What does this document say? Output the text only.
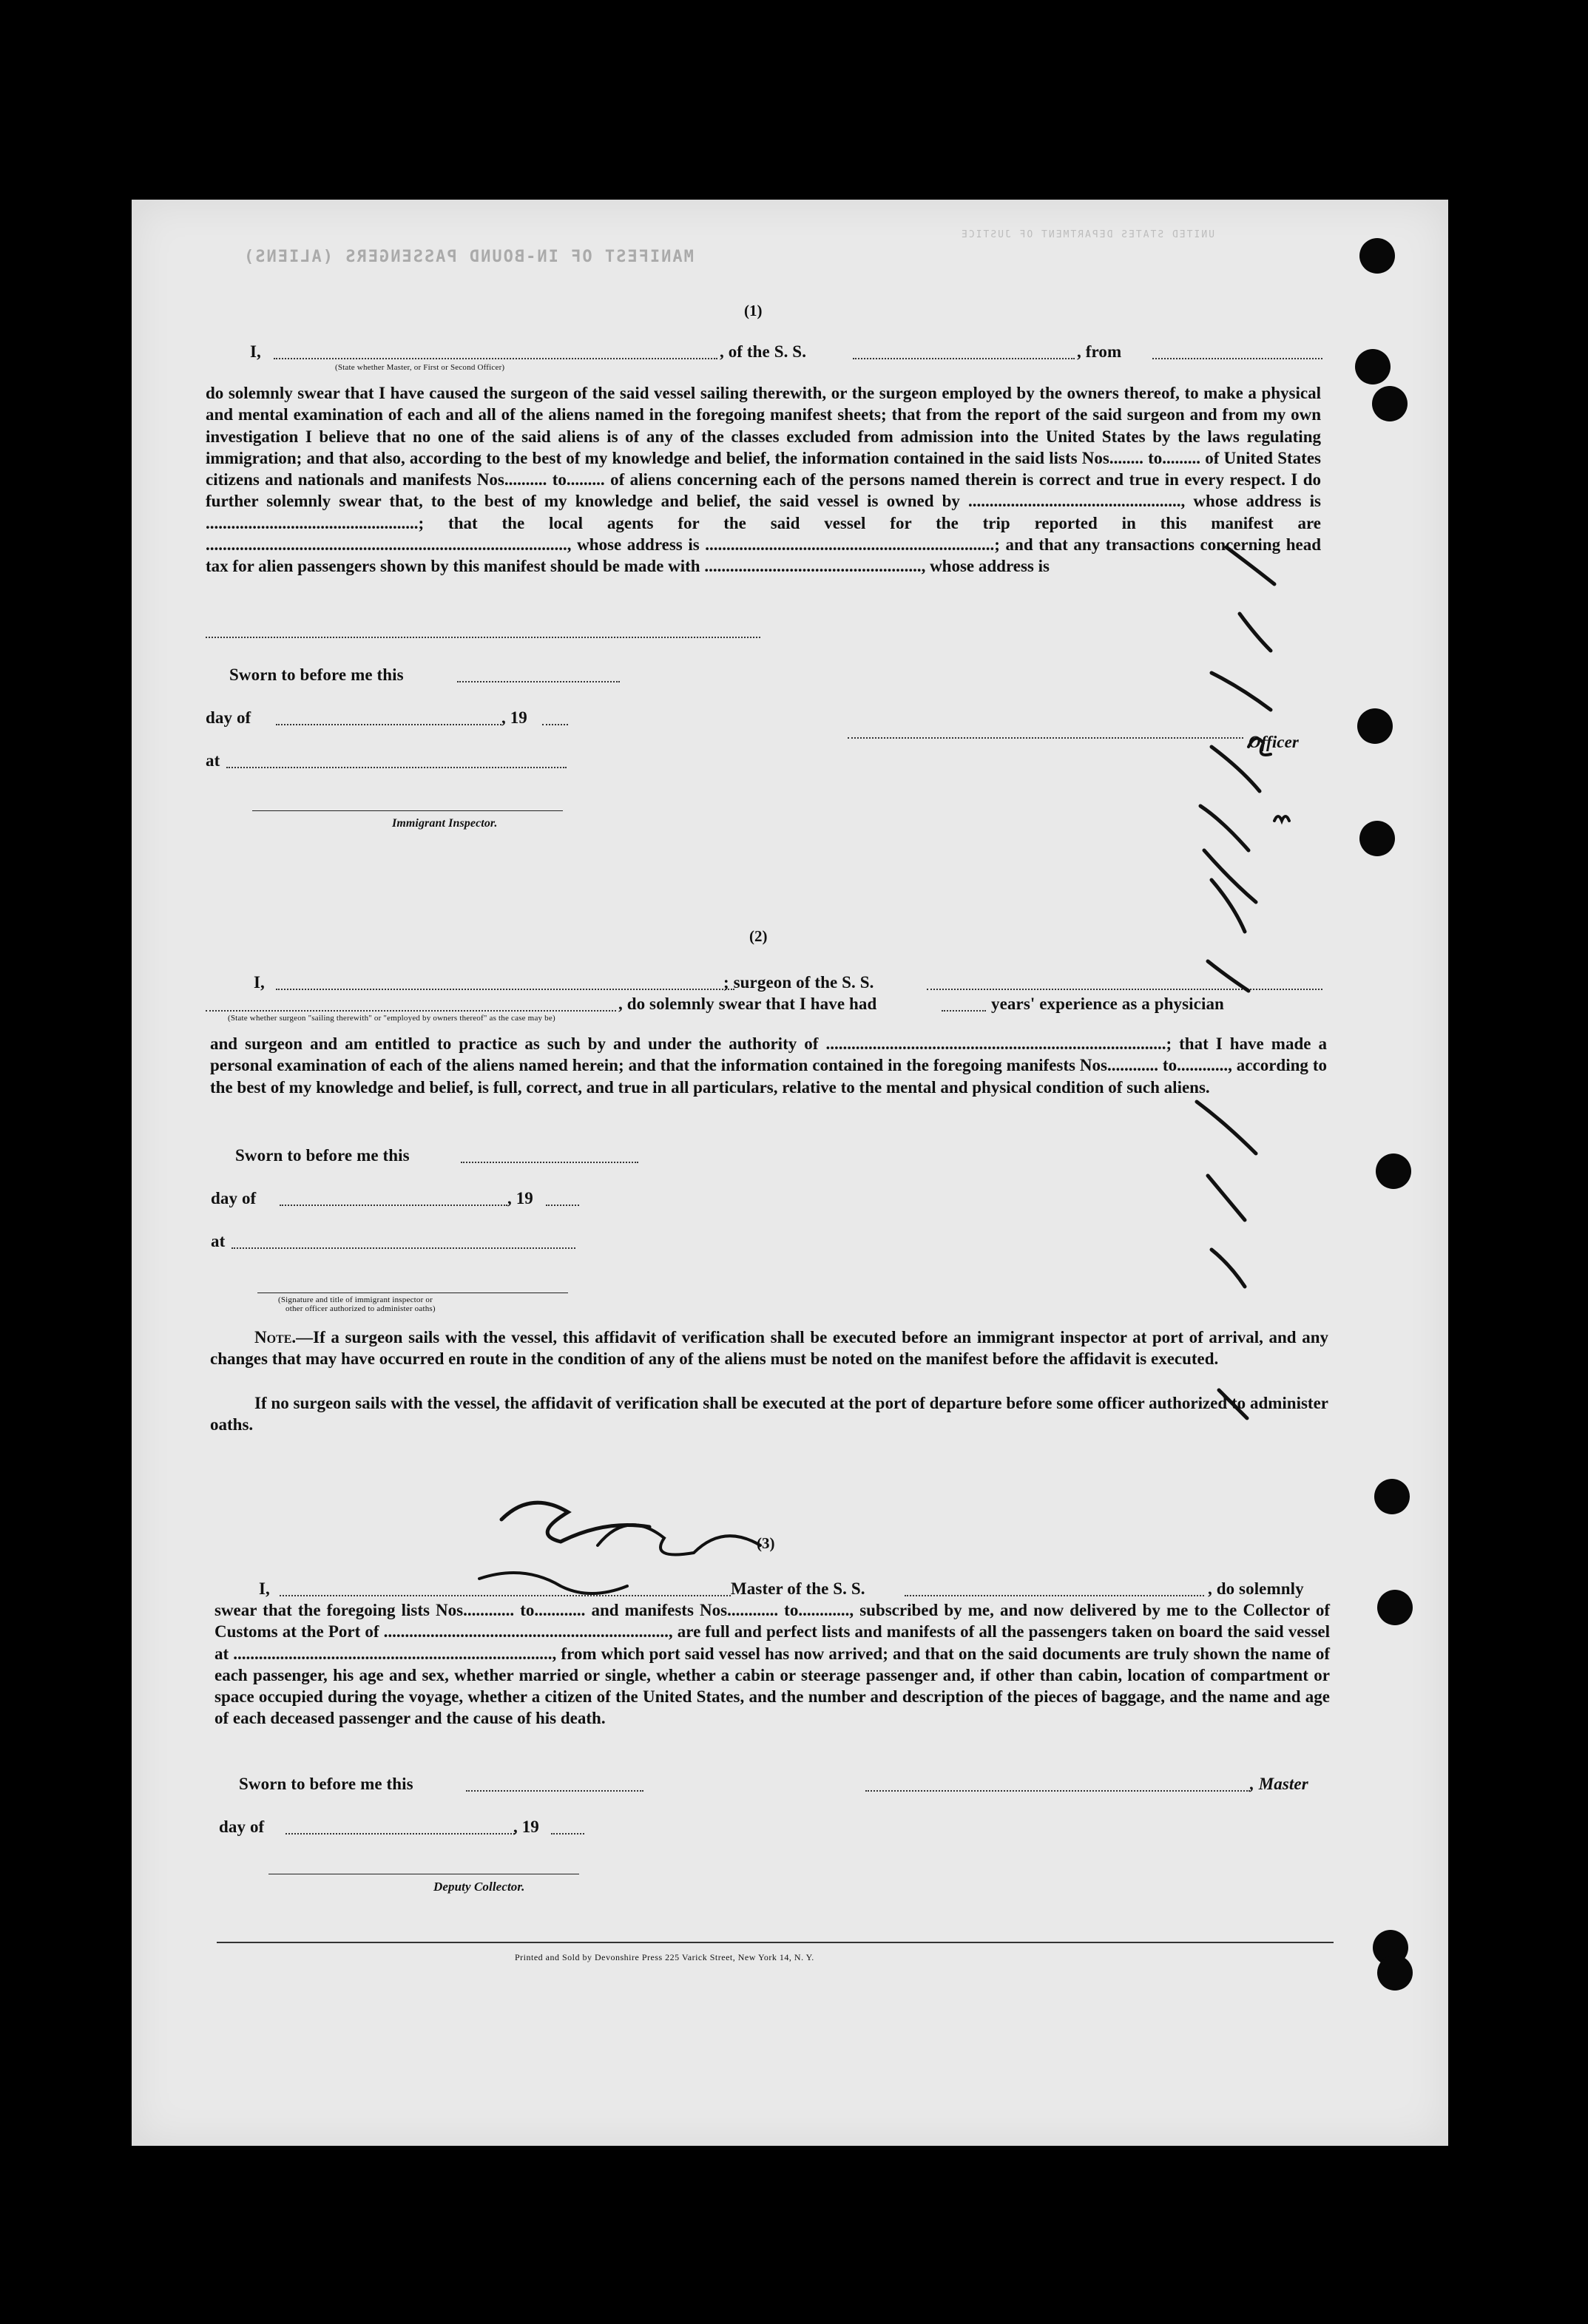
MANIFEST OF IN-BOUND PASSENGERS (ALIENS)
UNITED STATES DEPARTMENT OF JUSTICE
(1)
I,	, of the S. S.	, from
(State whether Master, or First or Second Officer)
do solemnly swear that I have caused the surgeon of the said vessel sailing therewith, or the surgeon employed by the owners thereof, to make a physical and mental examination of each and all of the aliens named in the foregoing manifest sheets; that from the report of the said surgeon and from my own investigation I believe that no one of the said aliens is of any of the classes excluded from admission into the United States by the laws regulating immigration; and that also, according to the best of my knowledge and belief, the information contained in the said lists Nos........ to......... of United States citizens and nationals and manifests Nos.......... to......... of aliens concerning each of the persons named therein is correct and true in every respect. I do further solemnly swear that, to the best of my knowledge and belief, the said vessel is owned by .................................................., whose address is ..................................................; that the local agents for the said vessel for the trip reported in this manifest are ....................................................................................., whose address is ....................................................................; and that any transactions concerning head tax for alien passengers shown by this manifest should be made with ..................................................., whose address is
Sworn to before me this
day of	, 19
at
Officer
Immigrant Inspector.
(2)
I,	; surgeon of the S. S.
, do solemnly swear that I have had	years' experience as a physician
(State whether surgeon "sailing therewith" or "employed by owners thereof" as the case may be)
and surgeon and am entitled to practice as such by and under the authority of ................................................................................; that I have made a personal examination of each of the aliens named herein; and that the information contained in the foregoing manifests Nos............ to............, according to the best of my knowledge and belief, is full, correct, and true in all particulars, relative to the mental and physical condition of such aliens.
Sworn to before me this
day of	, 19
at
(Signature and title of immigrant inspector or
other officer authorized to administer oaths)
Note.—If a surgeon sails with the vessel, this affidavit of verification shall be executed before an immigrant inspector at port of arrival, and any changes that may have occurred en route in the condition of any of the aliens must be noted on the manifest before the affidavit is executed.
If no surgeon sails with the vessel, the affidavit of verification shall be executed at the port of departure before some officer authorized to administer oaths.
(3)
I,	Master of the S. S.	, do solemnly
swear that the foregoing lists Nos............ to............ and manifests Nos............ to............, subscribed by me, and now delivered by me to the Collector of Customs at the Port of ..................................................................., are full and perfect lists and manifests of all the passengers taken on board the said vessel at ..........................................................................., from which port said vessel has now arrived; and that on the said documents are truly shown the name of each passenger, his age and sex, whether married or single, whether a cabin or steerage passenger and, if other than cabin, location of compartment or space occupied during the voyage, whether a citizen of the United States, and the number and description of the pieces of baggage, and the name and age of each deceased passenger and the cause of his death.
Sworn to before me this	, Master
day of	, 19
Deputy Collector.
Printed and Sold by Devonshire Press 225 Varick Street, New York 14, N. Y.
